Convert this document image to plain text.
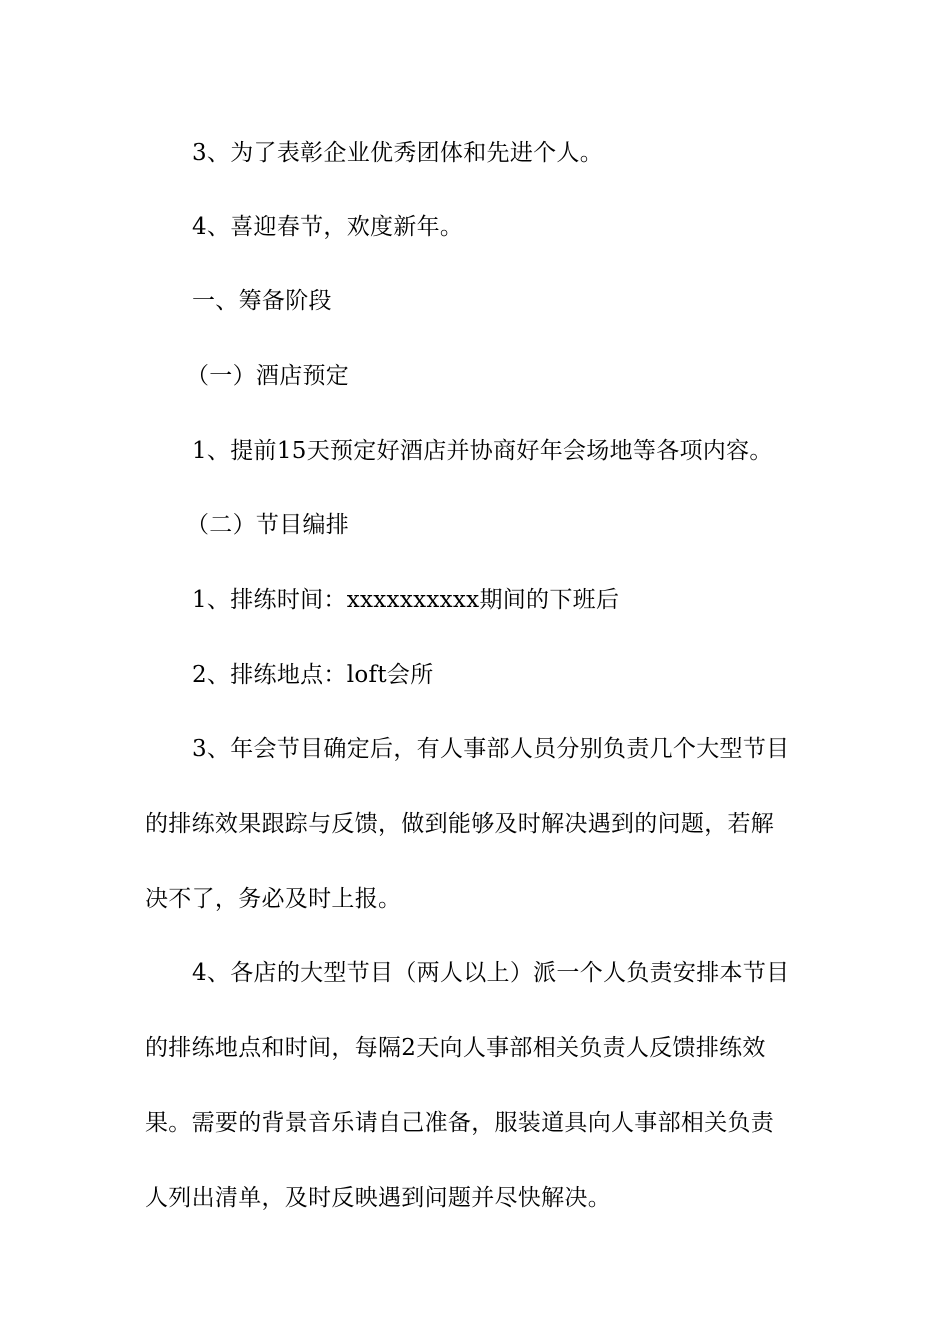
3、为了表彰企业优秀团体和先进个人。
4、喜迎春节，欢度新年。
一、筹备阶段
（一）酒店预定
1、提前15天预定好酒店并协商好年会场地等各项内容。
（二）节目编排
1、排练时间：xxxxxxxxxx期间的下班后
2、排练地点：loft会所
3、年会节目确定后，有人事部人员分别负责几个大型节目
的排练效果跟踪与反馈，做到能够及时解决遇到的问题，若解
决不了，务必及时上报。
4、各店的大型节目（两人以上）派一个人负责安排本节目
的排练地点和时间，每隔2天向人事部相关负责人反馈排练效
果。需要的背景音乐请自己准备，服装道具向人事部相关负责
人列出清单，及时反映遇到问题并尽快解决。
